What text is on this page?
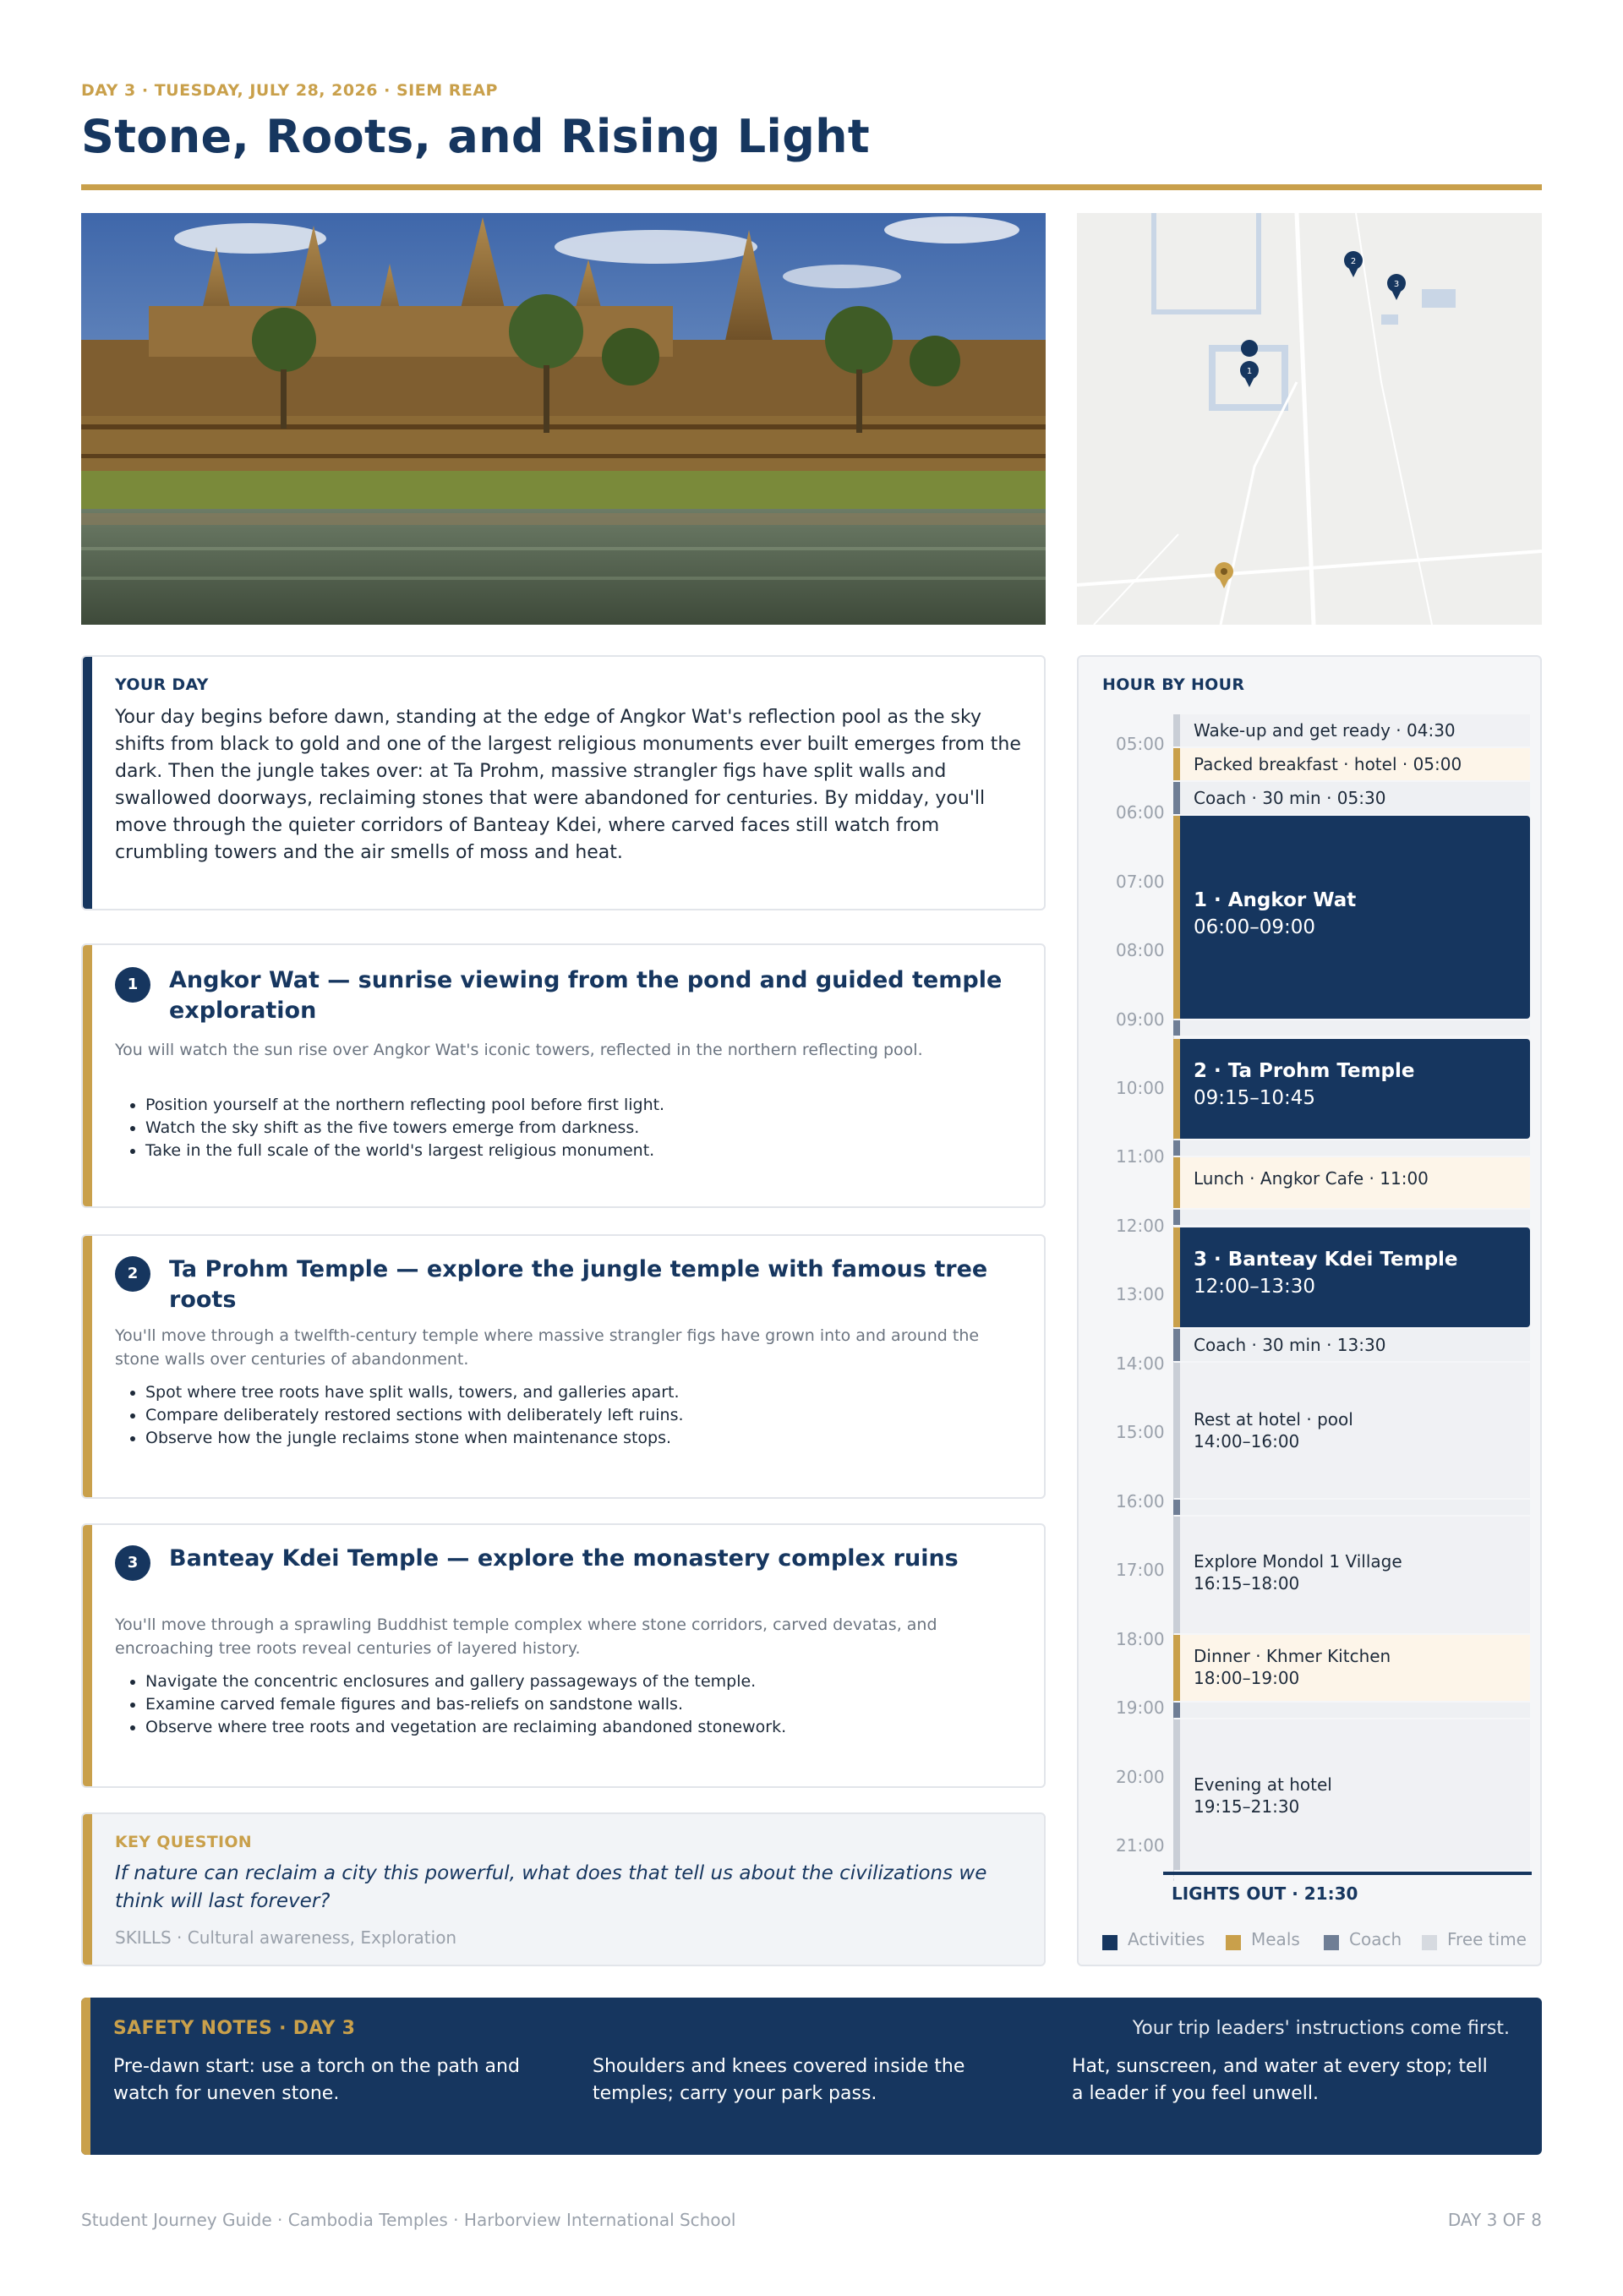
DAY 3 · TUESDAY, JULY 28, 2026 · SIEM REAP
Stone, Roots, and Rising Light
1
2
3
YOUR DAY
Your day begins before dawn, standing at the edge of Angkor Wat's reflection pool as the sky shifts from black to gold and one of the largest religious monuments ever built emerges from the dark. Then the jungle takes over: at Ta Prohm, massive strangler figs have split walls and swallowed doorways, reclaiming stones that were abandoned for centuries. By midday, you'll move through the quieter corridors of Banteay Kdei, where carved faces still watch from crumbling towers and the air smells of moss and heat.
1	Angkor Wat — sunrise viewing from the pond and guided temple exploration
You will watch the sun rise over Angkor Wat's iconic towers, reflected in the northern reflecting pool.
• Position yourself at the northern reflecting pool before first light.
• Watch the sky shift as the five towers emerge from darkness.
• Take in the full scale of the world's largest religious monument.
2	Ta Prohm Temple — explore the jungle temple with famous tree roots
You'll move through a twelfth-century temple where massive strangler figs have grown into and around the stone walls over centuries of abandonment.
• Spot where tree roots have split walls, towers, and galleries apart.
• Compare deliberately restored sections with deliberately left ruins.
• Observe how the jungle reclaims stone when maintenance stops.
3	Banteay Kdei Temple — explore the monastery complex ruins
You'll move through a sprawling Buddhist temple complex where stone corridors, carved devatas, and encroaching tree roots reveal centuries of layered history.
• Navigate the concentric enclosures and gallery passageways of the temple.
• Examine carved female figures and bas-reliefs on sandstone walls.
• Observe where tree roots and vegetation are reclaiming abandoned stonework.
KEY QUESTION
If nature can reclaim a city this powerful, what does that tell us about the civilizations we think will last forever?
SKILLS · Cultural awareness, Exploration
HOUR BY HOUR
05:00
06:00
07:00
08:00
09:00
10:00
11:00
12:00
13:00
14:00
15:00
16:00
17:00
18:00
19:00
20:00
21:00
Wake-up and get ready · 04:30
Packed breakfast · hotel · 05:00
Coach · 30 min · 05:30
1 · Angkor Wat
06:00–09:00
2 · Ta Prohm Temple
09:15–10:45
Lunch · Angkor Cafe · 11:00
3 · Banteay Kdei Temple
12:00–13:30
Coach · 30 min · 13:30
Rest at hotel · pool
14:00–16:00
Explore Mondol 1 Village
16:15–18:00
Dinner · Khmer Kitchen
18:00–19:00
Evening at hotel
19:15–21:30
LIGHTS OUT · 21:30
Activities	Meals	Coach	Free time
SAFETY NOTES · DAY 3	Your trip leaders' instructions come first.
Pre-dawn start: use a torch on the path and watch for uneven stone.
Shoulders and knees covered inside the temples; carry your park pass.
Hat, sunscreen, and water at every stop; tell a leader if you feel unwell.
Student Journey Guide · Cambodia Temples · Harborview International School	DAY 3 OF 8
